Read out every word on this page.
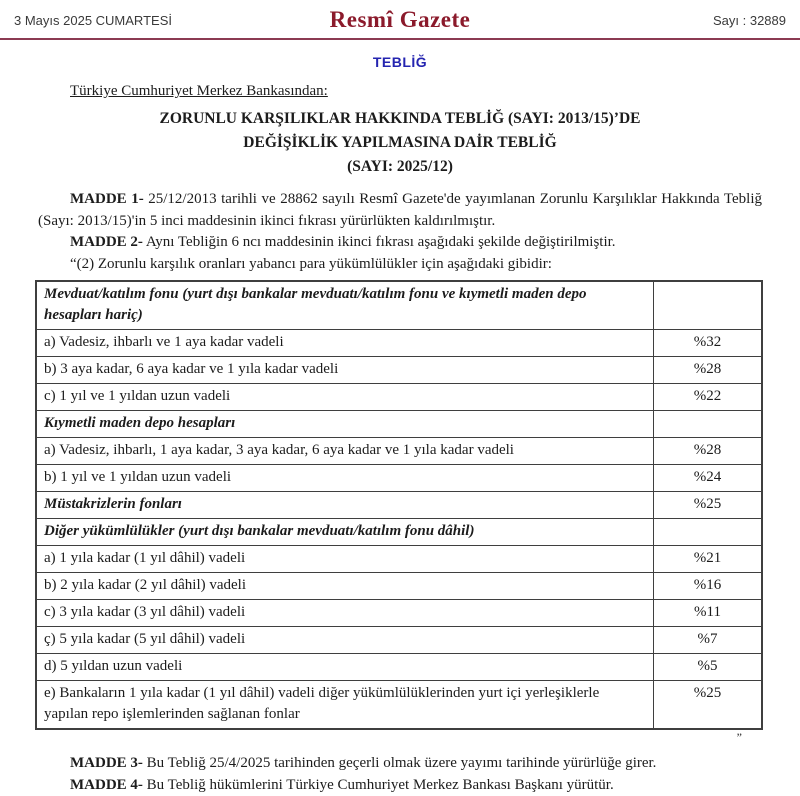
3 Mayıs 2025 CUMARTESİ	Resmî Gazete	Sayı : 32889
TEBLİĞ

Türkiye Cumhuriyet Merkez Bankasından:

ZORUNLU KARŞILIKLAR HAKKINDA TEBLİĞ (SAYI: 2013/15)’DE
DEĞİŞİKLİK YAPILMASINA DAİR TEBLİĞ
(SAYI: 2025/12)

MADDE 1- 25/12/2013 tarihli ve 28862 sayılı Resmî Gazete'de yayımlanan Zorunlu Karşılıklar Hakkında Tebliğ (Sayı: 2013/15)'in 5 inci maddesinin ikinci fıkrası yürürlükten kaldırılmıştır.

MADDE 2- Aynı Tebliğin 6 ncı maddesinin ikinci fıkrası aşağıdaki şekilde değiştirilmiştir.

“(2) Zorunlu karşılık oranları yabancı para yükümlülükler için aşağıdaki gibidir:

Mevduat/katılım fonu (yurt dışı bankalar mevduatı/katılım fonu ve kıymetli maden depo hesapları hariç)	
a) Vadesiz, ihbarlı ve 1 aya kadar vadeli	%32
b) 3 aya kadar, 6 aya kadar ve 1 yıla kadar vadeli	%28
c) 1 yıl ve 1 yıldan uzun vadeli	%22
Kıymetli maden depo hesapları	
a) Vadesiz, ihbarlı, 1 aya kadar, 3 aya kadar, 6 aya kadar ve 1 yıla kadar vadeli	%28
b) 1 yıl ve 1 yıldan uzun vadeli	%24
Müstakrizlerin fonları	%25
Diğer yükümlülükler (yurt dışı bankalar mevduatı/katılım fonu dâhil)	
a) 1 yıla kadar (1 yıl dâhil) vadeli	%21
b) 2 yıla kadar (2 yıl dâhil) vadeli	%16
c) 3 yıla kadar (3 yıl dâhil) vadeli	%11
ç) 5 yıla kadar (5 yıl dâhil) vadeli	%7
d) 5 yıldan uzun vadeli	%5
e) Bankaların 1 yıla kadar (1 yıl dâhil) vadeli diğer yükümlülüklerinden yurt içi yerleşiklerle yapılan repo işlemlerinden sağlanan fonlar	%25

”

MADDE 3- Bu Tebliğ 25/4/2025 tarihinden geçerli olmak üzere yayımı tarihinde yürürlüğe girer.

MADDE 4- Bu Tebliğ hükümlerini Türkiye Cumhuriyet Merkez Bankası Başkanı yürütür.
